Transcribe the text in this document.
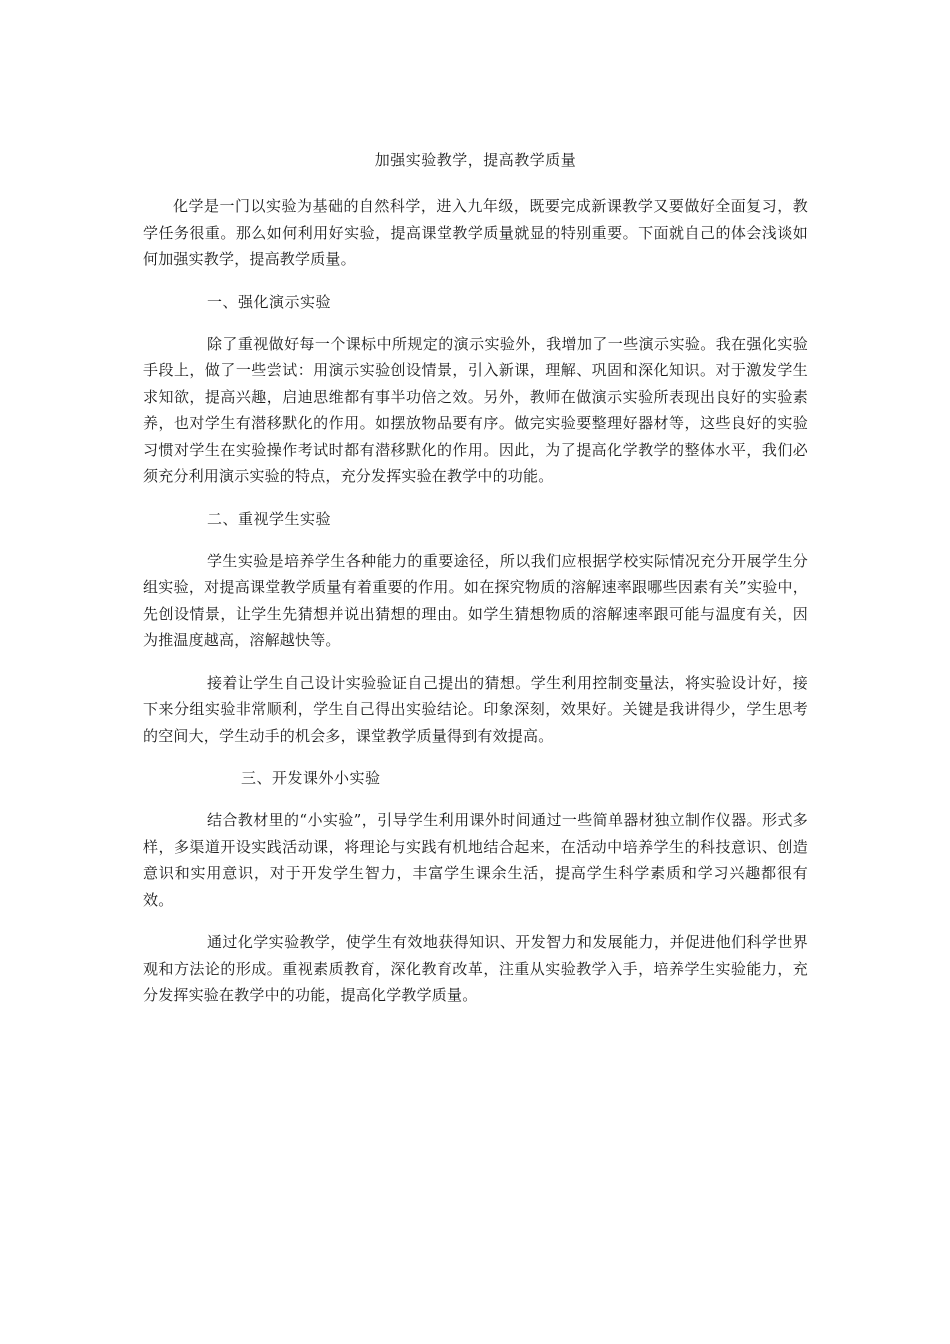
加强实验教学，提高教学质量

化学是一门以实验为基础的自然科学，进入九年级，既要完成新课教学又要做好全面复习，教学任务很重。那么如何利用好实验，提高课堂教学质量就显的特别重要。下面就自己的体会浅谈如何加强实教学，提高教学质量。

一、强化演示实验

除了重视做好每一个课标中所规定的演示实验外，我增加了一些演示实验。我在强化实验手段上，做了一些尝试：用演示实验创设情景，引入新课，理解、巩固和深化知识。对于激发学生求知欲，提高兴趣，启迪思维都有事半功倍之效。另外，教师在做演示实验所表现出良好的实验素养，也对学生有潜移默化的作用。如摆放物品要有序。做完实验要整理好器材等，这些良好的实验习惯对学生在实验操作考试时都有潜移默化的作用。因此，为了提高化学教学的整体水平，我们必须充分利用演示实验的特点，充分发挥实验在教学中的功能。

二、重视学生实验

学生实验是培养学生各种能力的重要途径，所以我们应根据学校实际情况充分开展学生分组实验，对提高课堂教学质量有着重要的作用。如在探究物质的溶解速率跟哪些因素有关”实验中，先创设情景，让学生先猜想并说出猜想的理由。如学生猜想物质的溶解速率跟可能与温度有关，因为推温度越高，溶解越快等。

接着让学生自己设计实验验证自己提出的猜想。学生利用控制变量法，将实验设计好，接下来分组实验非常顺利，学生自己得出实验结论。印象深刻，效果好。关键是我讲得少，学生思考的空间大，学生动手的机会多，课堂教学质量得到有效提高。

三、开发课外小实验

结合教材里的“小实验”，引导学生利用课外时间通过一些简单器材独立制作仪器。形式多样，多渠道开设实践活动课，将理论与实践有机地结合起来，在活动中培养学生的科技意识、创造意识和实用意识，对于开发学生智力，丰富学生课余生活，提高学生科学素质和学习兴趣都很有效。

通过化学实验教学，使学生有效地获得知识、开发智力和发展能力，并促进他们科学世界观和方法论的形成。重视素质教育，深化教育改革，注重从实验教学入手，培养学生实验能力，充分发挥实验在教学中的功能，提高化学教学质量。
